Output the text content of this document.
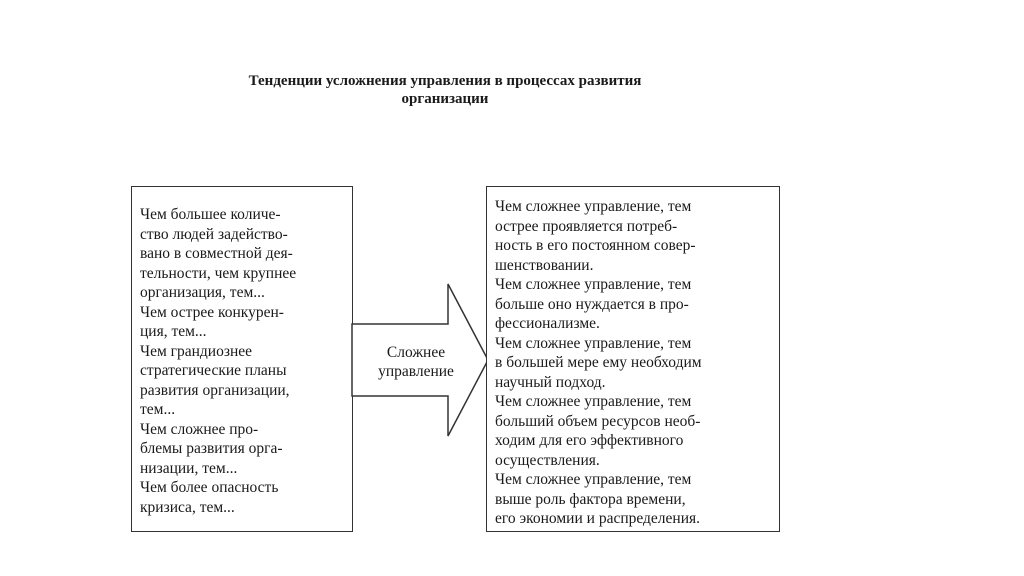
Тенденции усложнения управления в процессах развития
организации
Чем большее количе-
ство людей задейство-
вано в совместной дея-
тельности, чем крупнее
организация, тем...
Чем острее конкурен-
ция, тем...
Чем грандиознее
стратегические планы
развития организации,
тем...
Чем сложнее про-
блемы развития орга-
низации, тем...
Чем более опасность
кризиса, тем...
Сложнее
управление
Чем сложнее управление, тем
острее проявляется потреб-
ность в его постоянном совер-
шенствовании.
Чем сложнее управление, тем
больше оно нуждается в про-
фессионализме.
Чем сложнее управление, тем
в большей мере ему необходим
научный подход.
Чем сложнее управление, тем
больший объем ресурсов необ-
ходим для его эффективного
осуществления.
Чем сложнее управление, тем
выше роль фактора времени,
его экономии и распределения.
